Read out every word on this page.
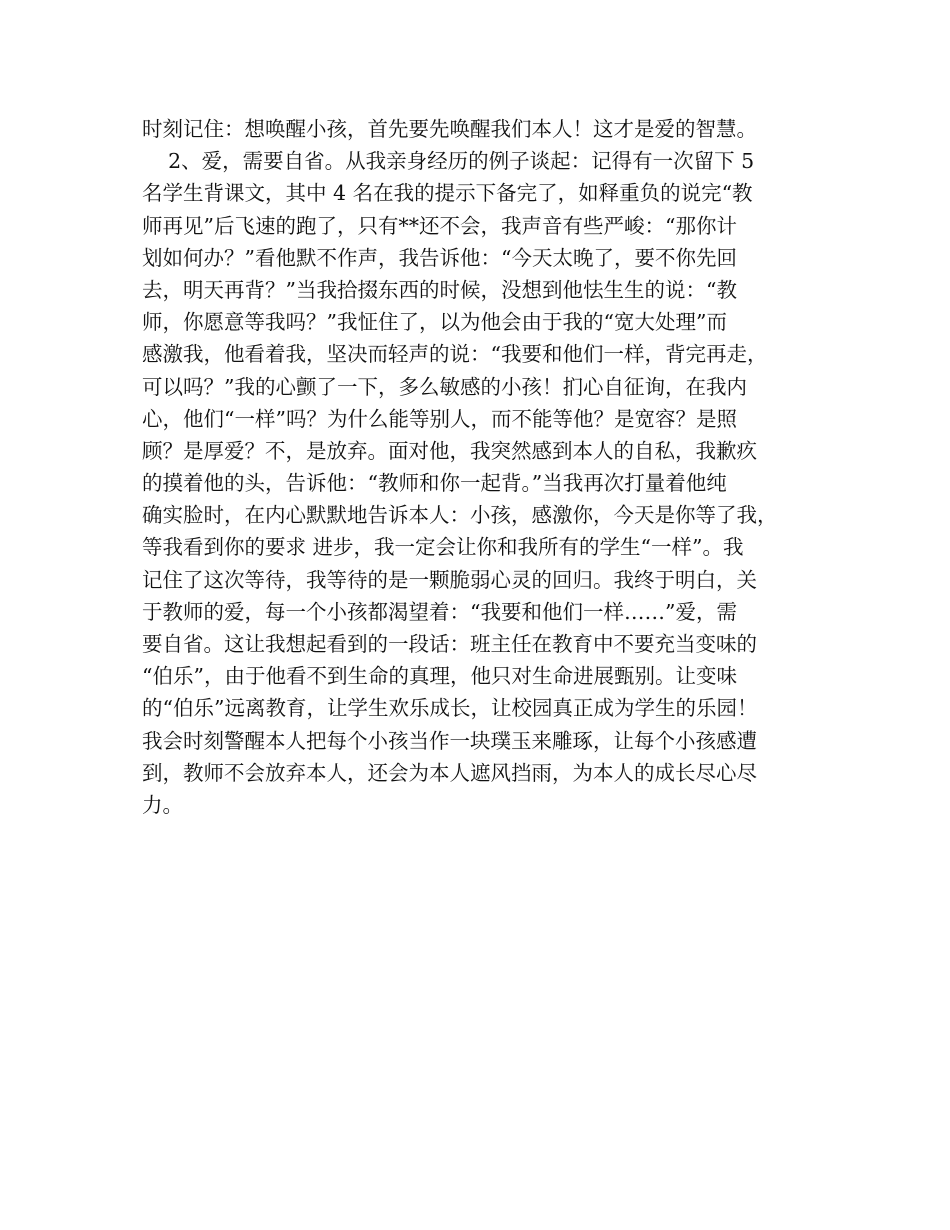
时刻记住：想唤醒小孩，首先要先唤醒我们本人！这才是爱的智慧。
2、爱，需要自省。从我亲身经历的例子谈起：记得有一次留下 5
名学生背课文，其中 4 名在我的提示下备完了，如释重负的说完“教
师再见”后飞速的跑了，只有**还不会，我声音有些严峻：“那你计
划如何办？”看他默不作声，我告诉他：“今天太晚了，要不你先回
去，明天再背？”当我拾掇东西的时候，没想到他怯生生的说：“教
师，你愿意等我吗？”我怔住了，以为他会由于我的“宽大处理”而
感激我，他看着我，坚决而轻声的说：“我要和他们一样，背完再走，
可以吗？”我的心颤了一下，多么敏感的小孩！扪心自征询，在我内
心，他们“一样”吗？为什么能等别人，而不能等他？是宽容？是照
顾？是厚爱？不，是放弃。面对他，我突然感到本人的自私，我歉疚
的摸着他的头，告诉他：“教师和你一起背。”当我再次打量着他纯
确实脸时，在内心默默地告诉本人：小孩，感激你，今天是你等了我，
等我看到你的要求 进步，我一定会让你和我所有的学生“一样”。我
记住了这次等待，我等待的是一颗脆弱心灵的回归。我终于明白，关
于教师的爱，每一个小孩都渴望着：“我要和他们一样……”爱，需
要自省。这让我想起看到的一段话：班主任在教育中不要充当变味的
“伯乐”，由于他看不到生命的真理，他只对生命进展甄别。让变味
的“伯乐”远离教育，让学生欢乐成长，让校园真正成为学生的乐园！
我会时刻警醒本人把每个小孩当作一块璞玉来雕琢，让每个小孩感遭
到，教师不会放弃本人，还会为本人遮风挡雨，为本人的成长尽心尽
力。
